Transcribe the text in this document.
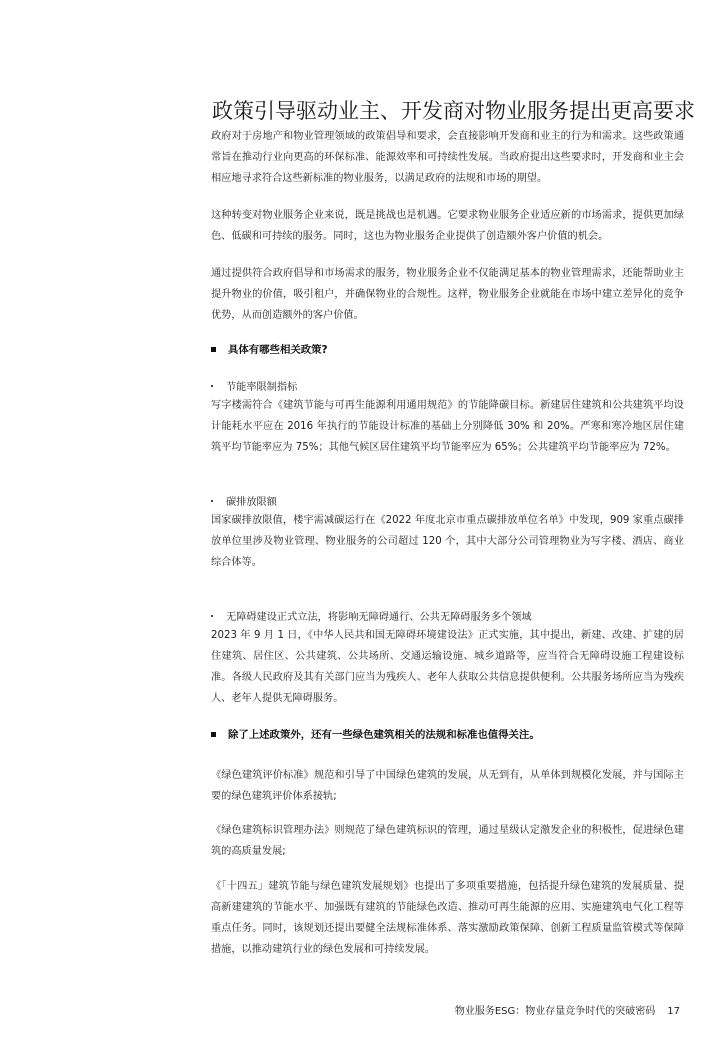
政策引导驱动业主、开发商对物业服务提出更高要求

政府对于房地产和物业管理领域的政策倡导和要求，会直接影响开发商和业主的行为和需求。这些政策通常旨在推动行业向更高的环保标准、能源效率和可持续性发展。当政府提出这些要求时，开发商和业主会相应地寻求符合这些新标准的物业服务，以满足政府的法规和市场的期望。

这种转变对物业服务企业来说，既是挑战也是机遇。它要求物业服务企业适应新的市场需求，提供更加绿色、低碳和可持续的服务。同时，这也为物业服务企业提供了创造额外客户价值的机会。

通过提供符合政府倡导和市场需求的服务，物业服务企业不仅能满足基本的物业管理需求，还能帮助业主提升物业的价值，吸引租户，并确保物业的合规性。这样，物业服务企业就能在市场中建立差异化的竞争优势，从而创造额外的客户价值。

具体有哪些相关政策?
节能率限制指标

写字楼需符合《建筑节能与可再生能源利用通用规范》的节能降碳目标。新建居住建筑和公共建筑平均设计能耗水平应在 2016 年执行的节能设计标准的基础上分别降低 30% 和 20%。严寒和寒冷地区居住建筑平均节能率应为 75%；其他气候区居住建筑平均节能率应为 65%；公共建筑平均节能率应为 72%。

碳排放限额

国家碳排放限值，楼宇需减碳运行在《2022 年度北京市重点碳排放单位名单》中发现，909 家重点碳排放单位里涉及物业管理、物业服务的公司超过 120 个，其中大部分公司管理物业为写字楼、酒店、商业综合体等。

无障碍建设正式立法，将影响无障碍通行、公共无障碍服务多个领域

2023 年 9 月 1 日，《中华人民共和国无障碍环境建设法》正式实施，其中提出，新建、改建、扩建的居住建筑、居住区、公共建筑、公共场所、交通运输设施、城乡道路等，应当符合无障碍设施工程建设标准。各级人民政府及其有关部门应当为残疾人、老年人获取公共信息提供便利。公共服务场所应当为残疾人、老年人提供无障碍服务。

除了上述政策外，还有一些绿色建筑相关的法规和标准也值得关注。

《绿色建筑评价标准》规范和引导了中国绿色建筑的发展，从无到有，从单体到规模化发展，并与国际主要的绿色建筑评价体系接轨;

《绿色建筑标识管理办法》则规范了绿色建筑标识的管理，通过星级认定激发企业的积极性，促进绿色建筑的高质量发展;

《「十四五」建筑节能与绿色建筑发展规划》也提出了多项重要措施，包括提升绿色建筑的发展质量、提高新建建筑的节能水平、加强既有建筑的节能绿色改造、推动可再生能源的应用、实施建筑电气化工程等重点任务。同时，该规划还提出要健全法规标准体系、落实激励政策保障、创新工程质量监管模式等保障措施，以推动建筑行业的绿色发展和可持续发展。

物业服务ESG：物业存量竞争时代的突破密码 17
